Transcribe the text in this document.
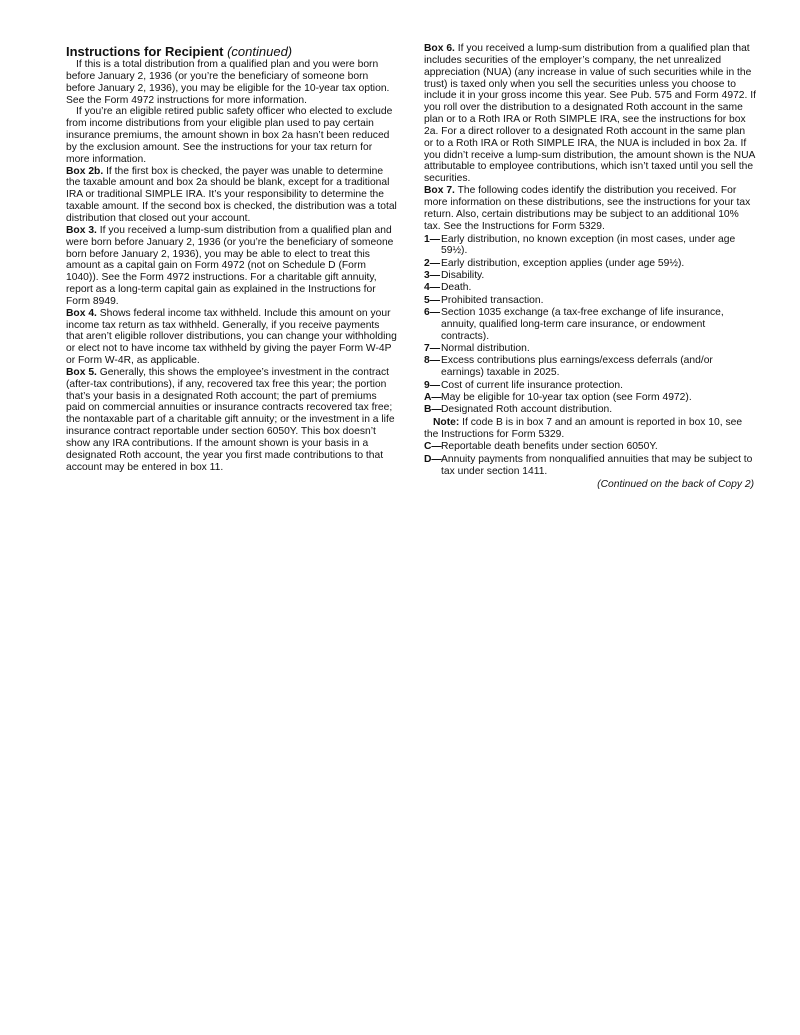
Instructions for Recipient (continued)

If this is a total distribution from a qualified plan and you were born before January 2, 1936 (or you’re the beneficiary of someone born before January 2, 1936), you may be eligible for the 10-year tax option. See the Form 4972 instructions for more information.

If you’re an eligible retired public safety officer who elected to exclude from income distributions from your eligible plan used to pay certain insurance premiums, the amount shown in box 2a hasn’t been reduced by the exclusion amount. See the instructions for your tax return for more information.

Box 2b. If the first box is checked, the payer was unable to determine the taxable amount and box 2a should be blank, except for a traditional IRA or traditional SIMPLE IRA. It’s your responsibility to determine the taxable amount. If the second box is checked, the distribution was a total distribution that closed out your account.

Box 3. If you received a lump-sum distribution from a qualified plan and were born before January 2, 1936 (or you’re the beneficiary of someone born before January 2, 1936), you may be able to elect to treat this amount as a capital gain on Form 4972 (not on Schedule D (Form 1040)). See the Form 4972 instructions. For a charitable gift annuity, report as a long-term capital gain as explained in the Instructions for Form 8949.

Box 4. Shows federal income tax withheld. Include this amount on your income tax return as tax withheld. Generally, if you receive payments that aren’t eligible rollover distributions, you can change your withholding or elect not to have income tax withheld by giving the payer Form W-4P or Form W-4R, as applicable.

Box 5. Generally, this shows the employee’s investment in the contract (after-tax contributions), if any, recovered tax free this year; the portion that’s your basis in a designated Roth account; the part of premiums paid on commercial annuities or insurance contracts recovered tax free; the nontaxable part of a charitable gift annuity; or the investment in a life insurance contract reportable under section 6050Y. This box doesn’t show any IRA contributions. If the amount shown is your basis in a designated Roth account, the year you first made contributions to that account may be entered in box 11.

Box 6. If you received a lump-sum distribution from a qualified plan that includes securities of the employer’s company, the net unrealized appreciation (NUA) (any increase in value of such securities while in the trust) is taxed only when you sell the securities unless you choose to include it in your gross income this year. See Pub. 575 and Form 4972. If you roll over the distribution to a designated Roth account in the same plan or to a Roth IRA or Roth SIMPLE IRA, see the instructions for box 2a. For a direct rollover to a designated Roth account in the same plan or to a Roth IRA or Roth SIMPLE IRA, the NUA is included in box 2a. If you didn’t receive a lump-sum distribution, the amount shown is the NUA attributable to employee contributions, which isn’t taxed until you sell the securities.

Box 7. The following codes identify the distribution you received. For more information on these distributions, see the instructions for your tax return. Also, certain distributions may be subject to an additional 10% tax. See the Instructions for Form 5329.

1— Early distribution, no known exception (in most cases, under age 59½).
2— Early distribution, exception applies (under age 59½).
3— Disability.
4— Death.
5— Prohibited transaction.
6— Section 1035 exchange (a tax-free exchange of life insurance, annuity, qualified long-term care insurance, or endowment contracts).
7— Normal distribution.
8— Excess contributions plus earnings/excess deferrals (and/or earnings) taxable in 2025.
9— Cost of current life insurance protection.
A— May be eligible for 10-year tax option (see Form 4972).
B— Designated Roth account distribution.

Note: If code B is in box 7 and an amount is reported in box 10, see the Instructions for Form 5329.

C— Reportable death benefits under section 6050Y.
D— Annuity payments from nonqualified annuities that may be subject to tax under section 1411.

(Continued on the back of Copy 2)
